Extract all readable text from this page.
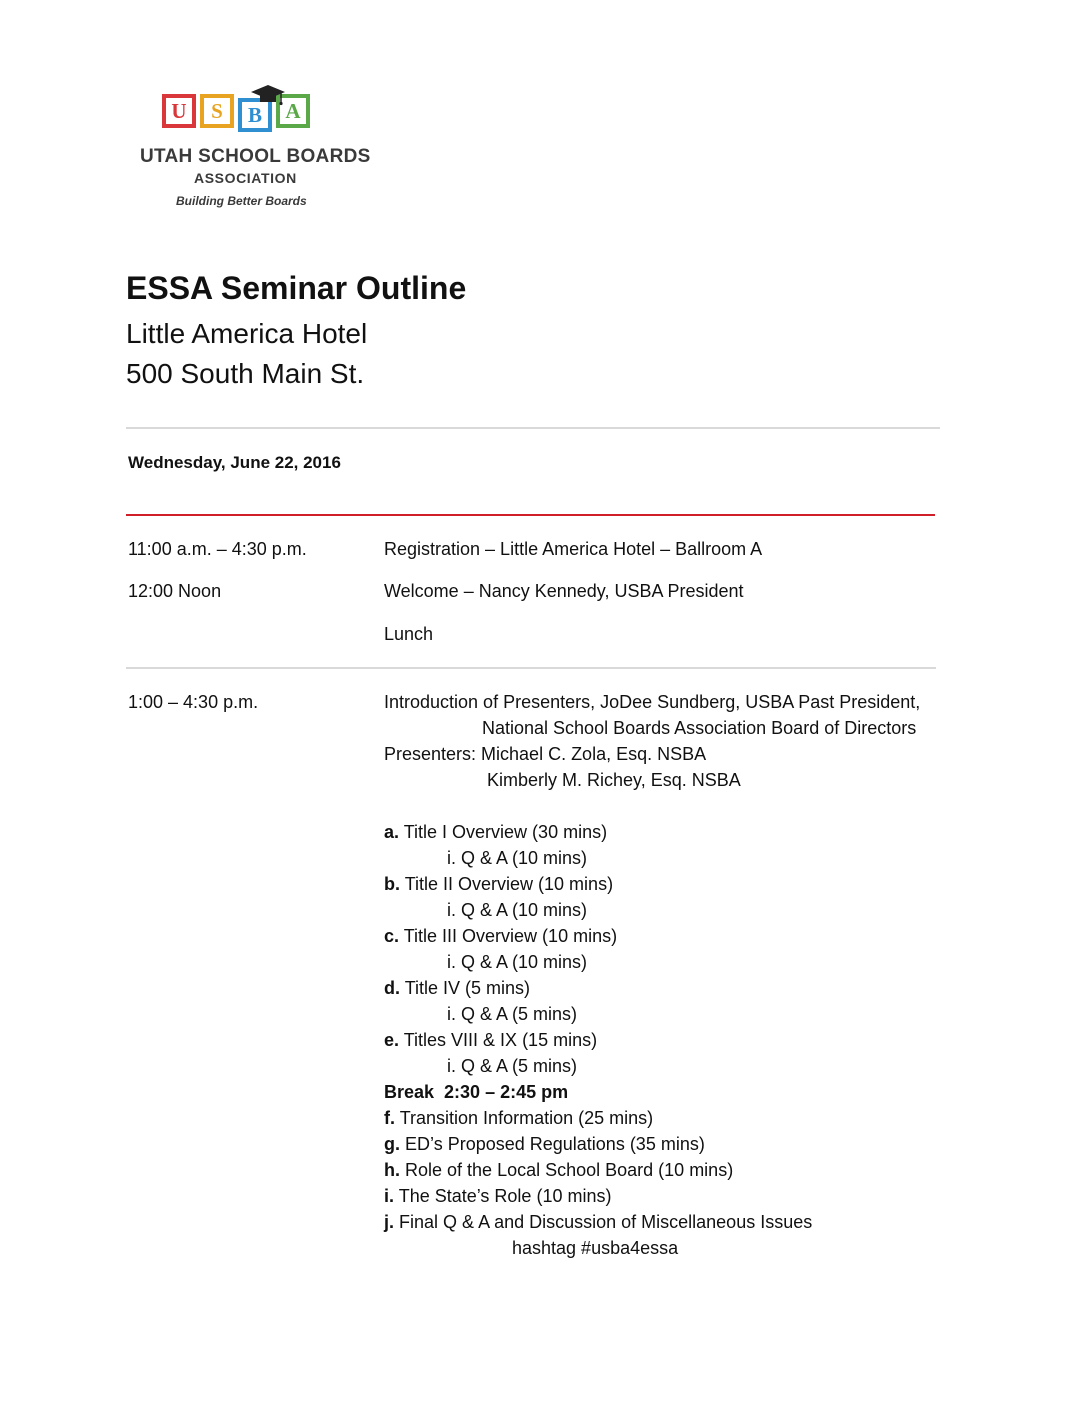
U	S	B	A
UTAH SCHOOL BOARDS
ASSOCIATION
Building Better Boards
ESSA Seminar Outline
Little America Hotel
500 South Main St.
Wednesday, June 22, 2016
11:00 a.m. – 4:30 p.m.	Registration – Little America Hotel – Ballroom A
12:00 Noon	Welcome – Nancy Kennedy, USBA President
Lunch
1:00 – 4:30 p.m.	Introduction of Presenters, JoDee Sundberg, USBA Past President,
National School Boards Association Board of Directors
Presenters: Michael C. Zola, Esq. NSBA
Kimberly M. Richey, Esq. NSBA
a. Title I Overview (30 mins)
i. Q & A (10 mins)
b. Title II Overview (10 mins)
i. Q & A (10 mins)
c. Title III Overview (10 mins)
i. Q & A (10 mins)
d. Title IV (5 mins)
i. Q & A (5 mins)
e. Titles VIII & IX (15 mins)
i. Q & A (5 mins)
Break  2:30 – 2:45 pm
f. Transition Information (25 mins)
g. ED’s Proposed Regulations (35 mins)
h. Role of the Local School Board (10 mins)
i. The State’s Role (10 mins)
j. Final Q & A and Discussion of Miscellaneous Issues
hashtag #usba4essa
